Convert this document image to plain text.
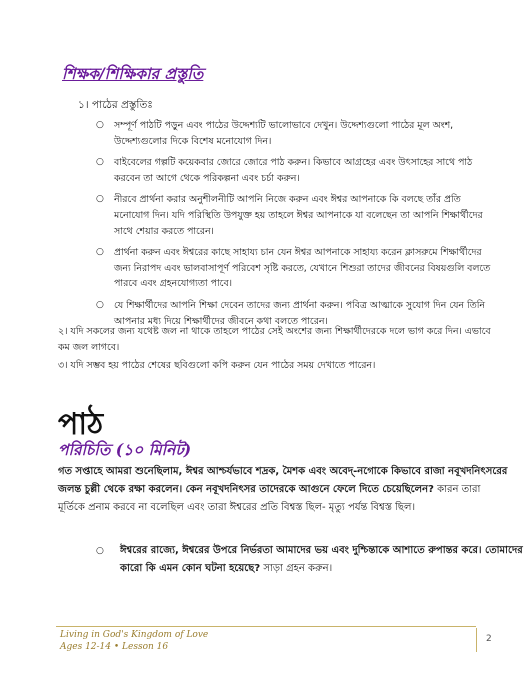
শিক্ষক/শিক্ষিকার প্রস্তুতি
১। পাঠের প্রস্তুতিঃ
○ সম্পূর্ণ পাঠটি পড়ুন এবং পাঠের উদ্দেশ্যটি ভালোভাবে দেখুন। উদ্দেশ্যগুলো পাঠের মূল অংশ, উদ্দেশ্যগুলোর দিকে বিশেষ মনোযোগ দিন।
○ বাইবেলের গল্পটি কয়েকবার জোরে জোরে পাঠ করুন। কিভাবে আগ্রহের এবং উৎসাহের সাথে পাঠ করবেন তা আগে থেকে পরিকল্পনা এবং চর্চা করুন।
○ নীরবে প্রার্থনা করার অনুশীলনীটি আপনি নিজে করুন এবং ঈশ্বর আপনাকে কি বলছে তাঁর প্রতি মনোযোগ দিন। যদি পরিস্থিতি উপযুক্ত হয় তাহলে ঈশ্বর আপনাকে যা বলেছেন তা আপনি শিক্ষার্থীদের সাথে শেয়ার করতে পারেন।
○ প্রার্থনা করুন এবং ঈশ্বরের কাছে সাহায্য চান যেন ঈশ্বর আপনাকে সাহায্য করেন ক্লাসরুমে শিক্ষার্থীদের জন্য নিরাপদ এবং ভালবাসাপূর্ণ পরিবেশ সৃষ্টি করতে, যেখানে শিশুরা তাদের জীবনের বিষয়গুলি বলতে পারবে এবং গ্রহনযোগ্যতা পাবে।
○ যে শিক্ষার্থীদের আপনি শিক্ষা দেবেন তাদের জন্য প্রার্থনা করুন। পবিত্র আত্মাকে সুযোগ দিন যেন তিনি আপনার মধ্য দিয়ে শিক্ষার্থীদের জীবনে কথা বলতে পারেন।

২। যদি সকলের জন্য যথেষ্ট জল না থাকে তাহলে পাঠের সেই অংশের জন্য শিক্ষার্থীদেরকে দলে ভাগ করে দিন। এভাবে কম জল লাগবে।

৩। যদি সম্ভব হয় পাঠের শেষের ছবিগুলো কপি করুন যেন পাঠের সময় দেখাতে পারেন।

পাঠ
পরিচিতি (১০ মিনিট)

গত সপ্তাহে আমরা শুনেছিলাম, ঈশ্বর আশ্চর্যভাবে শদ্রক, মৈশক এবং অবেদ্‌-নগোকে কিভাবে রাজা নবূখদনিৎসরের জলন্ত চুল্লী থেকে রক্ষা করলেন। কেন নবূখদনিৎসর তাদেরকে আগুনে ফেলে দিতে চেয়েছিলেন? কারন তারা মূর্তিকে প্রনাম করবে না বলেছিল এবং তারা ঈশ্বরের প্রতি বিশ্বস্ত ছিল- মৃত্যু পর্যন্ত বিশ্বস্ত ছিল।

○ ঈশ্বরের রাজ্যে, ঈশ্বরের উপরে নির্ভরতা আমাদের ভয় এবং দুশ্চিন্তাকে আশাতে রুপান্তর করে। তোমাদের কারো কি এমন কোন ঘটনা হয়েছে? সাড়া গ্রহন করুন।
Living in God's Kingdom of Love
Ages 12-14 • Lesson 16
2
